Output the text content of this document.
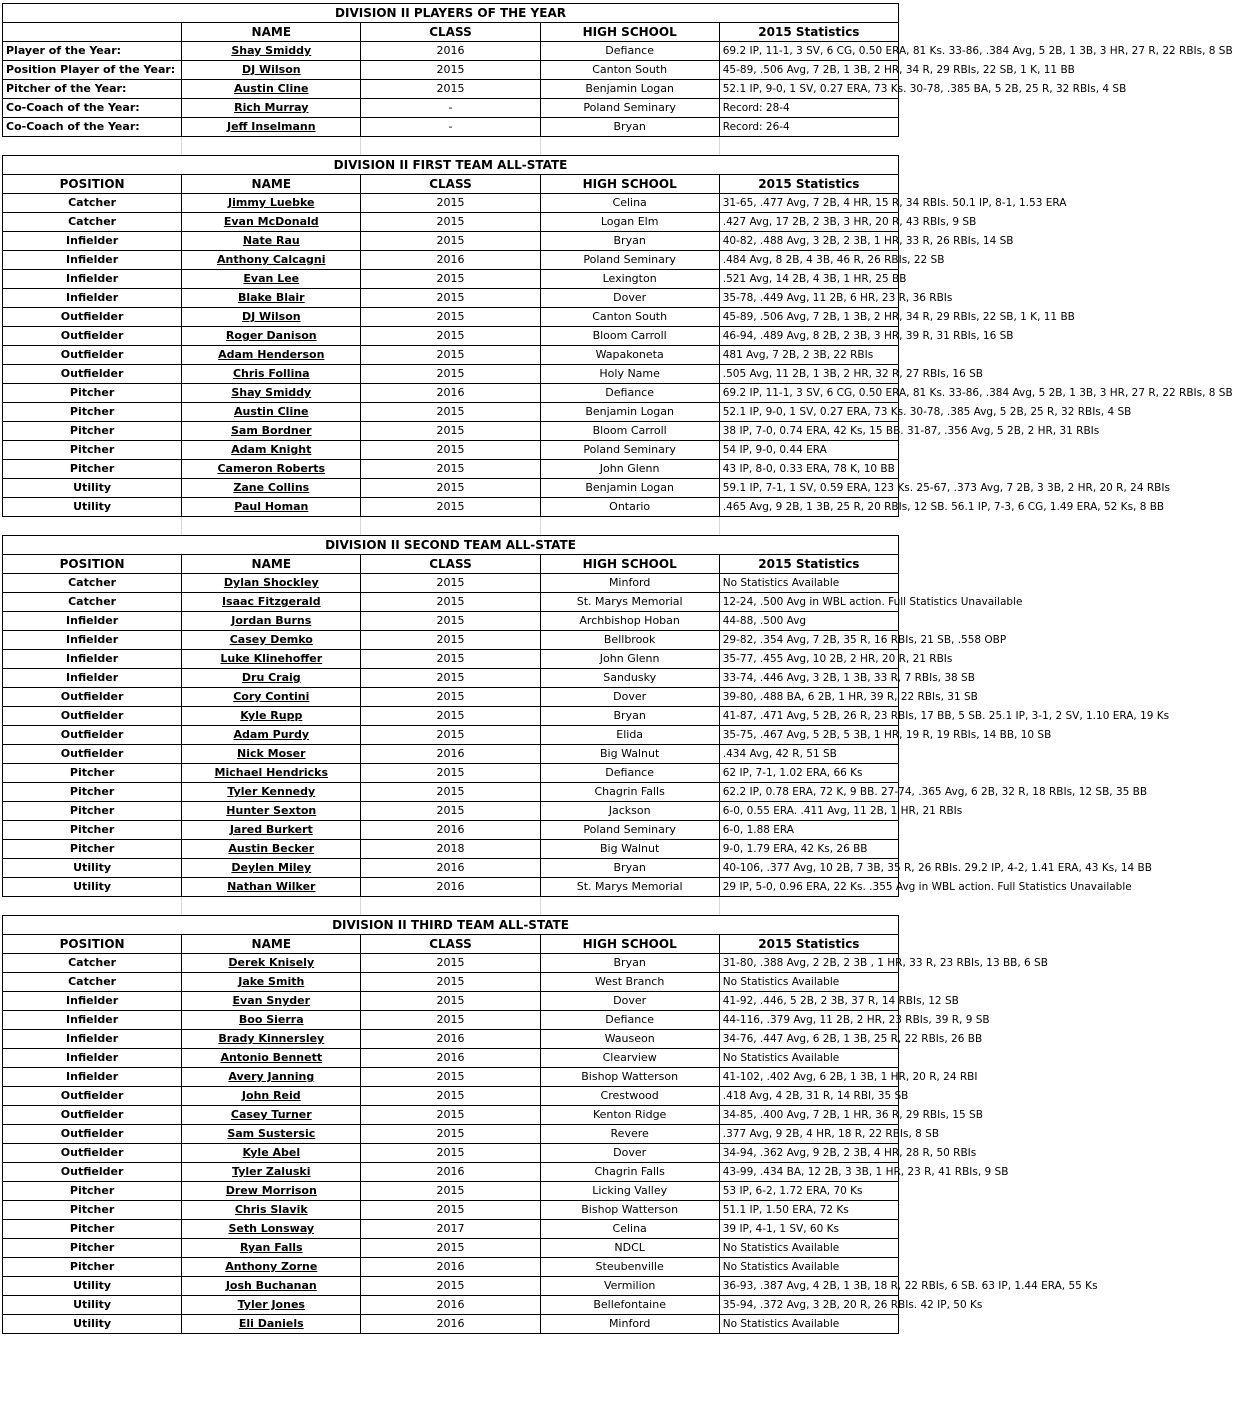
DIVISION II PLAYERS OF THE YEAR				
	NAME	CLASS	HIGH SCHOOL	2015 Statistics
Player of the Year:	Shay Smiddy	2016	Defiance	69.2 IP, 11-1, 3 SV, 6 CG, 0.50 ERA, 81 Ks. 33-86, .384 Avg, 5 2B, 1 3B, 3 HR, 27 R, 22 RBIs, 8 SB
Position Player of the Year:	DJ Wilson	2015	Canton South	45-89, .506 Avg, 7 2B, 1 3B, 2 HR, 34 R, 29 RBIs, 22 SB, 1 K, 11 BB
Pitcher of the Year:	Austin Cline	2015	Benjamin Logan	52.1 IP, 9-0, 1 SV, 0.27 ERA, 73 Ks. 30-78, .385 BA, 5 2B, 25 R, 32 RBIs, 4 SB
Co-Coach of the Year:	Rich Murray	-	Poland Seminary	Record: 28-4
Co-Coach of the Year:	Jeff Inselmann	-	Bryan	Record: 26-4

DIVISION II FIRST TEAM ALL-STATE				
POSITION	NAME	CLASS	HIGH SCHOOL	2015 Statistics
Catcher	Jimmy Luebke	2015	Celina	31-65, .477 Avg, 7 2B, 4 HR, 15 R, 34 RBIs. 50.1 IP, 8-1, 1.53 ERA
Catcher	Evan McDonald	2015	Logan Elm	.427 Avg, 17 2B, 2 3B, 3 HR, 20 R, 43 RBIs, 9 SB
Infielder	Nate Rau	2015	Bryan	40-82, .488 Avg, 3 2B, 2 3B, 1 HR, 33 R, 26 RBIs, 14 SB
Infielder	Anthony Calcagni	2016	Poland Seminary	.484 Avg, 8 2B, 4 3B, 46 R, 26 RBIs, 22 SB
Infielder	Evan Lee	2015	Lexington	.521 Avg, 14 2B, 4 3B, 1 HR, 25 BB
Infielder	Blake Blair	2015	Dover	35-78, .449 Avg, 11 2B, 6 HR, 23 R, 36 RBIs
Outfielder	DJ Wilson	2015	Canton South	45-89, .506 Avg, 7 2B, 1 3B, 2 HR, 34 R, 29 RBIs, 22 SB, 1 K, 11 BB
Outfielder	Roger Danison	2015	Bloom Carroll	46-94, .489 Avg, 8 2B, 2 3B, 3 HR, 39 R, 31 RBIs, 16 SB
Outfielder	Adam Henderson	2015	Wapakoneta	481 Avg, 7 2B, 2 3B, 22 RBIs
Outfielder	Chris Follina	2015	Holy Name	.505 Avg, 11 2B, 1 3B, 2 HR, 32 R, 27 RBIs, 16 SB
Pitcher	Shay Smiddy	2016	Defiance	69.2 IP, 11-1, 3 SV, 6 CG, 0.50 ERA, 81 Ks. 33-86, .384 Avg, 5 2B, 1 3B, 3 HR, 27 R, 22 RBIs, 8 SB
Pitcher	Austin Cline	2015	Benjamin Logan	52.1 IP, 9-0, 1 SV, 0.27 ERA, 73 Ks. 30-78, .385 Avg, 5 2B, 25 R, 32 RBIs, 4 SB
Pitcher	Sam Bordner	2015	Bloom Carroll	38 IP, 7-0, 0.74 ERA, 42 Ks, 15 BB. 31-87, .356 Avg, 5 2B, 2 HR, 31 RBIs
Pitcher	Adam Knight	2015	Poland Seminary	54 IP, 9-0, 0.44 ERA
Pitcher	Cameron Roberts	2015	John Glenn	43 IP, 8-0, 0.33 ERA, 78 K, 10 BB
Utility	Zane Collins	2015	Benjamin Logan	59.1 IP, 7-1, 1 SV, 0.59 ERA, 123 Ks. 25-67, .373 Avg, 7 2B, 3 3B, 2 HR, 20 R, 24 RBIs
Utility	Paul Homan	2015	Ontario	.465 Avg, 9 2B, 1 3B, 25 R, 20 RBIs, 12 SB. 56.1 IP, 7-3, 6 CG, 1.49 ERA, 52 Ks, 8 BB

DIVISION II SECOND TEAM ALL-STATE				
POSITION	NAME	CLASS	HIGH SCHOOL	2015 Statistics
Catcher	Dylan Shockley	2015	Minford	No Statistics Available
Catcher	Isaac Fitzgerald	2015	St. Marys Memorial	12-24, .500 Avg in WBL action. Full Statistics Unavailable
Infielder	Jordan Burns	2015	Archbishop Hoban	44-88, .500 Avg
Infielder	Casey Demko	2015	Bellbrook	29-82, .354 Avg, 7 2B, 35 R, 16 RBIs, 21 SB, .558 OBP
Infielder	Luke Klinehoffer	2015	John Glenn	35-77, .455 Avg, 10 2B, 2 HR, 20 R, 21 RBIs
Infielder	Dru Craig	2015	Sandusky	33-74, .446 Avg, 3 2B, 1 3B, 33 R, 7 RBIs, 38 SB
Outfielder	Cory Contini	2015	Dover	39-80, .488 BA, 6 2B, 1 HR, 39 R, 22 RBIs, 31 SB
Outfielder	Kyle Rupp	2015	Bryan	41-87, .471 Avg, 5 2B, 26 R, 23 RBIs, 17 BB, 5 SB. 25.1 IP, 3-1, 2 SV, 1.10 ERA, 19 Ks
Outfielder	Adam Purdy	2015	Elida	35-75, .467 Avg, 5 2B, 5 3B, 1 HR, 19 R, 19 RBIs, 14 BB, 10 SB
Outfielder	Nick Moser	2016	Big Walnut	.434 Avg, 42 R, 51 SB
Pitcher	Michael Hendricks	2015	Defiance	62 IP, 7-1, 1.02 ERA, 66 Ks
Pitcher	Tyler Kennedy	2015	Chagrin Falls	62.2 IP, 0.78 ERA, 72 K, 9 BB. 27-74, .365 Avg, 6 2B, 32 R, 18 RBIs, 12 SB, 35 BB
Pitcher	Hunter Sexton	2015	Jackson	6-0, 0.55 ERA. .411 Avg, 11 2B, 1 HR, 21 RBIs
Pitcher	Jared Burkert	2016	Poland Seminary	6-0, 1.88 ERA
Pitcher	Austin Becker	2018	Big Walnut	9-0, 1.79 ERA, 42 Ks, 26 BB
Utility	Deylen Miley	2016	Bryan	40-106, .377 Avg, 10 2B, 7 3B, 35 R, 26 RBIs. 29.2 IP, 4-2, 1.41 ERA, 43 Ks, 14 BB
Utility	Nathan Wilker	2016	St. Marys Memorial	29 IP, 5-0, 0.96 ERA, 22 Ks. .355 Avg in WBL action. Full Statistics Unavailable

DIVISION II THIRD TEAM ALL-STATE				
POSITION	NAME	CLASS	HIGH SCHOOL	2015 Statistics
Catcher	Derek Knisely	2015	Bryan	31-80, .388 Avg, 2 2B, 2 3B , 1 HR, 33 R, 23 RBIs, 13 BB, 6 SB
Catcher	Jake Smith	2015	West Branch	No Statistics Available
Infielder	Evan Snyder	2015	Dover	41-92, .446, 5 2B, 2 3B, 37 R, 14 RBIs, 12 SB
Infielder	Boo Sierra	2015	Defiance	44-116, .379 Avg, 11 2B, 2 HR, 23 RBIs, 39 R, 9 SB
Infielder	Brady Kinnersley	2016	Wauseon	34-76, .447 Avg, 6 2B, 1 3B, 25 R, 22 RBIs, 26 BB
Infielder	Antonio Bennett	2016	Clearview	No Statistics Available
Infielder	Avery Janning	2015	Bishop Watterson	41-102, .402 Avg, 6 2B, 1 3B, 1 HR, 20 R, 24 RBI
Outfielder	John Reid	2015	Crestwood	.418 Avg, 4 2B, 31 R, 14 RBI, 35 SB
Outfielder	Casey Turner	2015	Kenton Ridge	34-85, .400 Avg, 7 2B, 1 HR, 36 R, 29 RBIs, 15 SB
Outfielder	Sam Sustersic	2015	Revere	.377 Avg, 9 2B, 4 HR, 18 R, 22 RBIs, 8 SB
Outfielder	Kyle Abel	2015	Dover	34-94, .362 Avg, 9 2B, 2 3B, 4 HR, 28 R, 50 RBIs
Outfielder	Tyler Zaluski	2016	Chagrin Falls	43-99, .434 BA, 12 2B, 3 3B, 1 HR, 23 R, 41 RBIs, 9 SB
Pitcher	Drew Morrison	2015	Licking Valley	53 IP, 6-2, 1.72 ERA, 70 Ks
Pitcher	Chris Slavik	2015	Bishop Watterson	51.1 IP, 1.50 ERA, 72 Ks
Pitcher	Seth Lonsway	2017	Celina	39 IP, 4-1, 1 SV, 60 Ks
Pitcher	Ryan Falls	2015	NDCL	No Statistics Available
Pitcher	Anthony Zorne	2016	Steubenville	No Statistics Available
Utility	Josh Buchanan	2015	Vermilion	36-93, .387 Avg, 4 2B, 1 3B, 18 R, 22 RBIs, 6 SB. 63 IP, 1.44 ERA, 55 Ks
Utility	Tyler Jones	2016	Bellefontaine	35-94, .372 Avg, 3 2B, 20 R, 26 RBIs. 42 IP, 50 Ks
Utility	Eli Daniels	2016	Minford	No Statistics Available
